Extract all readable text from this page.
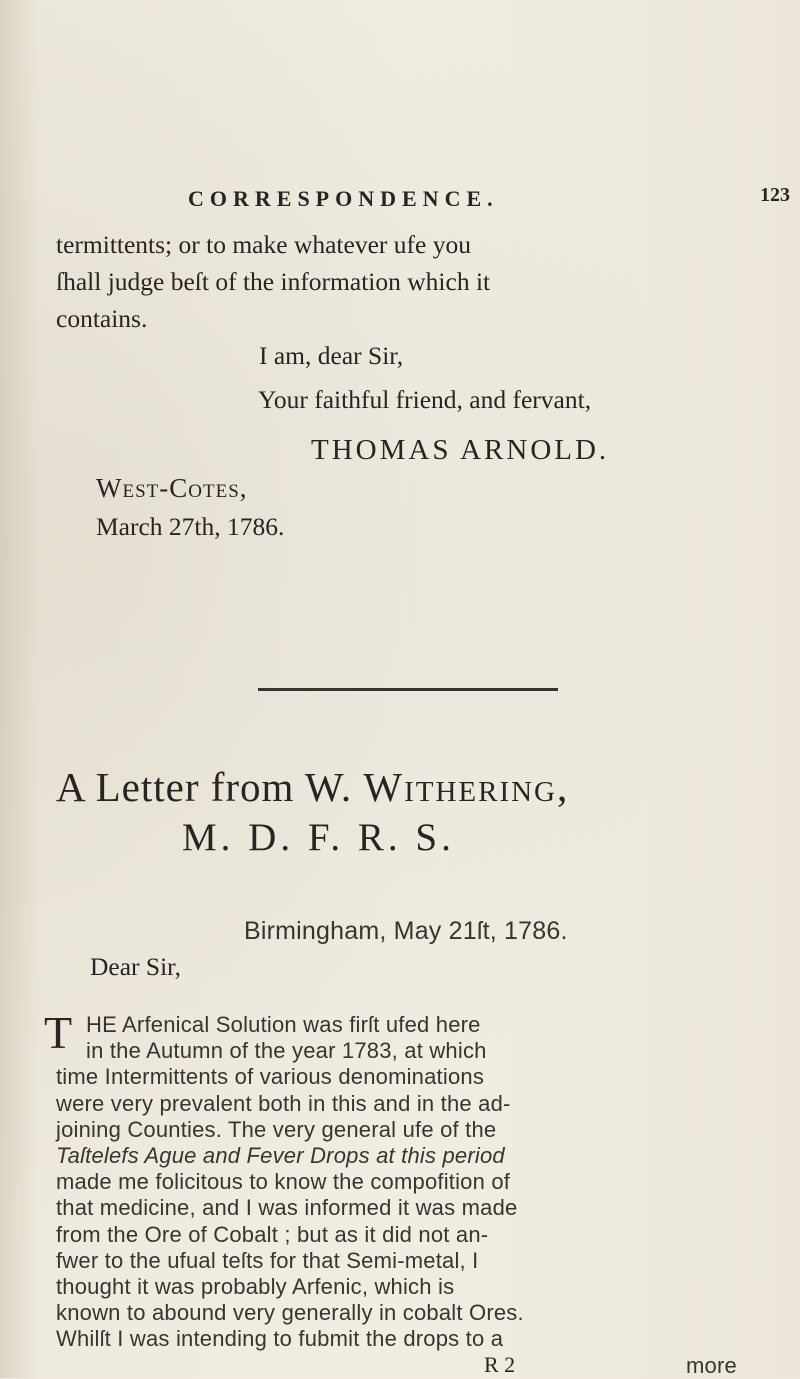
CORRESPONDENCE.	123
termittents; or to make whatever ufe you
ſhall judge beſt of the information which it
contains.
I am, dear Sir,
Your faithful friend, and fervant,
THOMAS ARNOLD.
West-Cotes,
March 27th, 1786.
A Letter from W. Withering,
M. D. F. R. S.
Birmingham, May 21ſt, 1786.
Dear Sir,
T HE Arfenical Solution was firſt ufed here
in the Autumn of the year 1783, at which
time Intermittents of various denominations
were very prevalent both in this and in the ad-
joining Counties. The very general ufe of the
Taſtelefs Ague and Fever Drops at this period
made me folicitous to know the compofition of
that medicine, and I was informed it was made
from the Ore of Cobalt ; but as it did not an-
fwer to the ufual teſts for that Semi-metal, I
thought it was probably Arfenic, which is
known to abound very generally in cobalt Ores.
Whilſt I was intending to fubmit the drops to a
R 2	more
